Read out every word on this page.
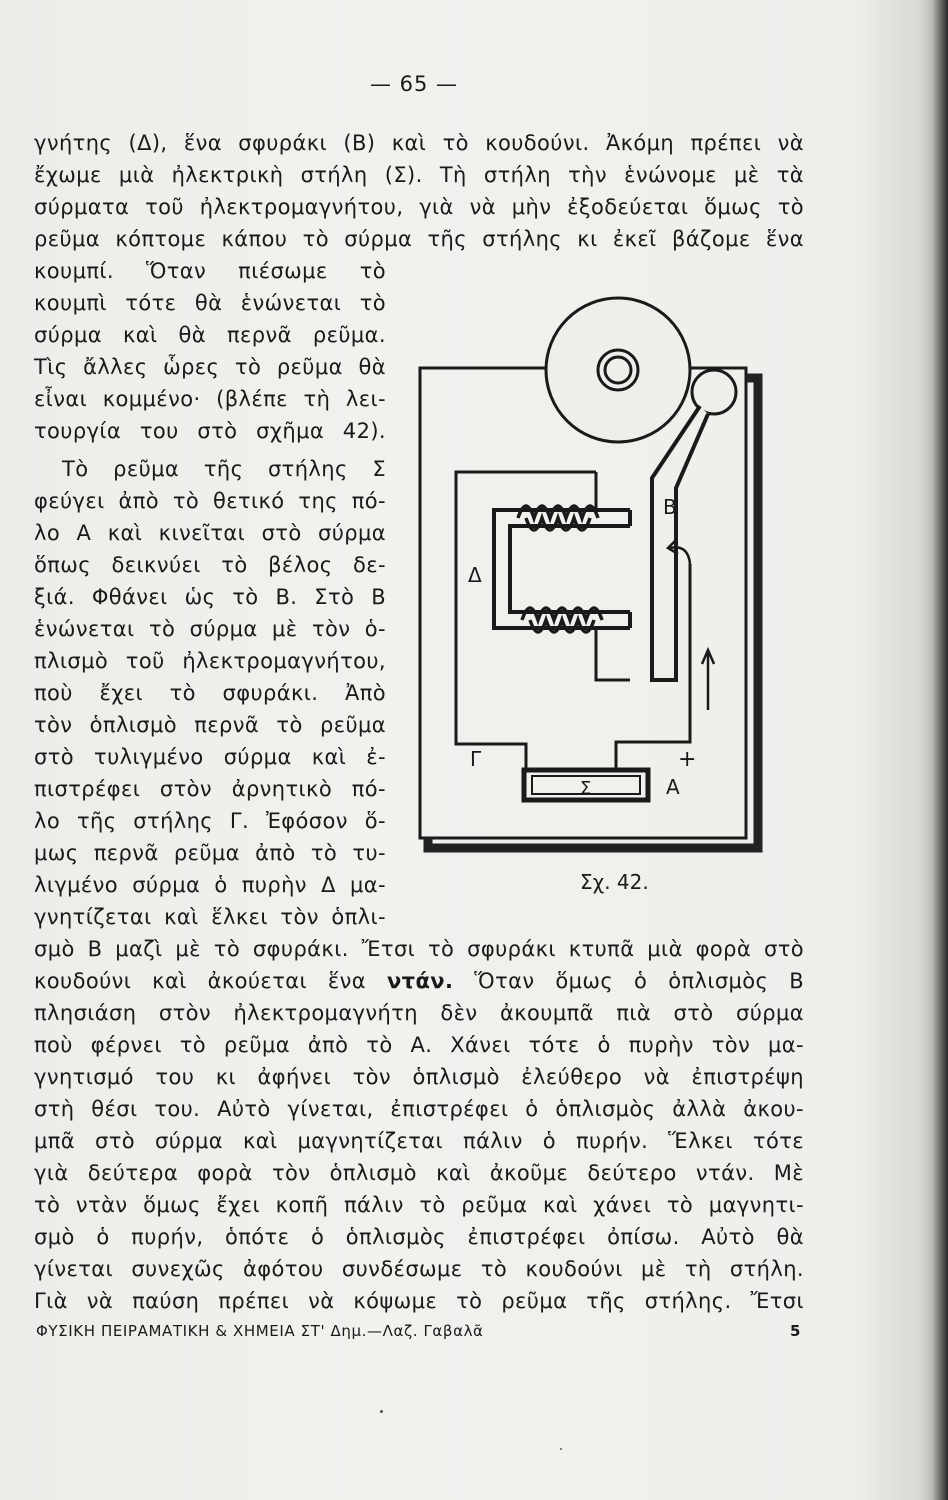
— 65 —
γνήτης (Δ), ἕνα σφυράκι (Β) καὶ τὸ κουδούνι. Ἀκόμη πρέπει νὰ
ἔχωμε μιὰ ἠλεκτρικὴ στήλη (Σ). Τὴ στήλη τὴν ἑνώνομε μὲ τὰ
σύρματα τοῦ ἠλεκτρομαγνήτου, γιὰ νὰ μὴν ἐξοδεύεται ὅμως τὸ
ρεῦμα κόπτομε κάπου τὸ σύρμα τῆς στήλης κι ἐκεῖ βάζομε ἕνα
κουμπί. Ὅταν πιέσωμε τὸ
κουμπὶ τότε θὰ ἑνώνεται τὸ
σύρμα καὶ θὰ περνᾶ ρεῦμα.
Τὶς ἄλλες ὧρες τὸ ρεῦμα θὰ
εἶναι κομμένο· (βλέπε τὴ λει-
τουργία του στὸ σχῆμα 42).
Τὸ ρεῦμα τῆς στήλης Σ
φεύγει ἀπὸ τὸ θετικό της πό-
λο Α καὶ κινεῖται στὸ σύρμα
ὅπως δεικνύει τὸ βέλος δε-
ξιά. Φθάνει ὡς τὸ Β. Στὸ Β
ἑνώνεται τὸ σύρμα μὲ τὸν ὁ-
πλισμὸ τοῦ ἠλεκτρομαγνήτου,
ποὺ ἔχει τὸ σφυράκι. Ἀπὸ
τὸν ὁπλισμὸ περνᾶ τὸ ρεῦμα
στὸ τυλιγμένο σύρμα καὶ ἐ-
πιστρέφει στὸν ἀρνητικὸ πό-
λο τῆς στήλης Γ. Ἐφόσον ὅ-
μως περνᾶ ρεῦμα ἀπὸ τὸ τυ-
λιγμένο σύρμα ὁ πυρὴν Δ μα-
γνητίζεται καὶ ἕλκει τὸν ὁπλι-
Β
Δ
Γ
Σ	Α
+
Σχ. 42.
σμὸ Β μαζὶ μὲ τὸ σφυράκι. Ἔτσι τὸ σφυράκι κτυπᾶ μιὰ φορὰ στὸ
κουδούνι καὶ ἀκούεται ἕνα ντάν. Ὅταν ὅμως ὁ ὁπλισμὸς Β
πλησιάση στὸν ἠλεκτρομαγνήτη δὲν ἀκουμπᾶ πιὰ στὸ σύρμα
ποὺ φέρνει τὸ ρεῦμα ἀπὸ τὸ Α. Χάνει τότε ὁ πυρὴν τὸν μα-
γνητισμό του κι ἀφήνει τὸν ὁπλισμὸ ἐλεύθερο νὰ ἐπιστρέψη
στὴ θέσι του. Αὐτὸ γίνεται, ἐπιστρέφει ὁ ὁπλισμὸς ἀλλὰ ἀκου-
μπᾶ στὸ σύρμα καὶ μαγνητίζεται πάλιν ὁ πυρήν. Ἕλκει τότε
γιὰ δεύτερα φορὰ τὸν ὁπλισμὸ καὶ ἀκοῦμε δεύτερο ντάν. Μὲ
τὸ ντὰν ὅμως ἔχει κοπῆ πάλιν τὸ ρεῦμα καὶ χάνει τὸ μαγνητι-
σμὸ ὁ πυρήν, ὁπότε ὁ ὁπλισμὸς ἐπιστρέφει ὀπίσω. Αὐτὸ θὰ
γίνεται συνεχῶς ἀφότου συνδέσωμε τὸ κουδούνι μὲ τὴ στήλη.
Γιὰ νὰ παύση πρέπει νὰ κόψωμε τὸ ρεῦμα τῆς στήλης. Ἔτσι
ΦΥΣΙΚΗ ΠΕΙΡΑΜΑΤΙΚΗ & ΧΗΜΕΙΑ ΣΤ' Δημ.—Λαζ. Γαβαλᾶ	5
